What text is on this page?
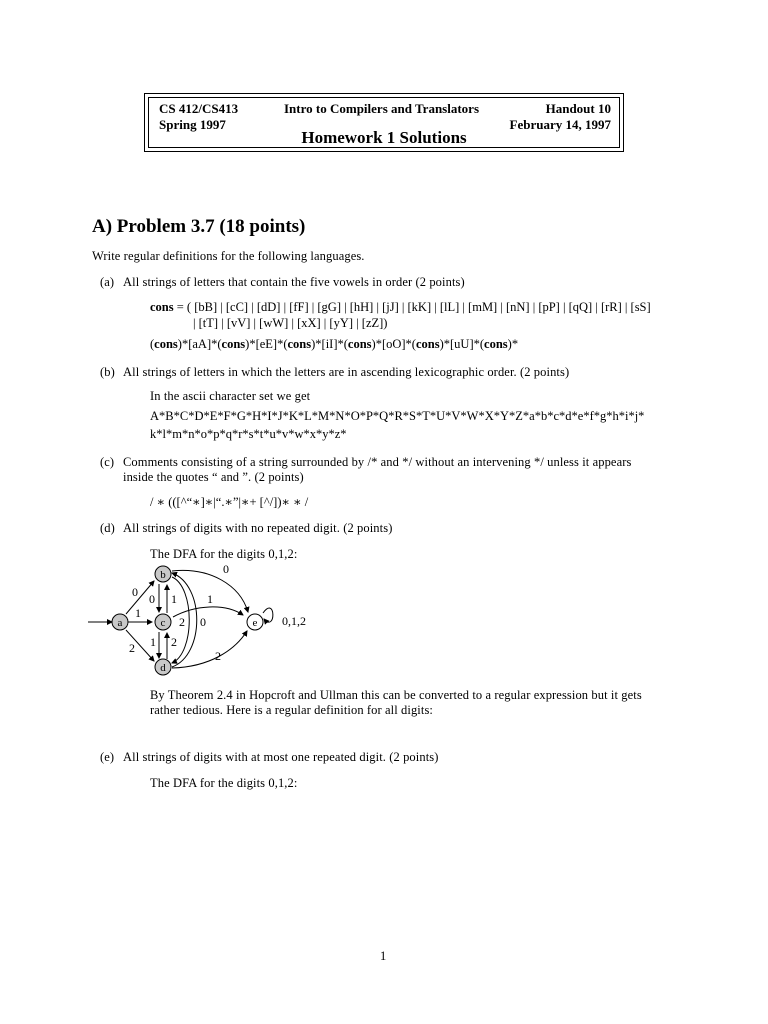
CS 412/CS413	Intro to Compilers and Translators	Handout 10
Spring 1997	February 14, 1997
Homework 1 Solutions
A) Problem 3.7 (18 points)
Write regular definitions for the following languages.
(a) All strings of letters that contain the five vowels in order (2 points)
cons = ( [bB] | [cC] | [dD] | [fF] | [gG] | [hH] | [jJ] | [kK] | [lL] | [mM] | [nN] | [pP] | [qQ] | [rR] | [sS]
| [tT] | [vV] | [wW] | [xX] | [yY] | [zZ])
(cons)*[aA]*(cons)*[eE]*(cons)*[iI]*(cons)*[oO]*(cons)*[uU]*(cons)*
(b) All strings of letters in which the letters are in ascending lexicographic order. (2 points)
In the ascii character set we get
A*B*C*D*E*F*G*H*I*J*K*L*M*N*O*P*Q*R*S*T*U*V*W*X*Y*Z*a*b*c*d*e*f*g*h*i*j*
k*l*m*n*o*p*q*r*s*t*u*v*w*x*y*z*
(c) Comments consisting of a string surrounded by /* and */ without an intervening */ unless it appears
inside the quotes “ and ”. (2 points)
/ ∗ (([^“∗]∗|“.∗”|∗+ [^/])∗ ∗ /
(d) All strings of digits with no repeated digit. (2 points)
The DFA for the digits 0,1,2:
a
b
c
d
e
0 0 1
1
2 0
1 2
2
0
2
0,1,2
1
By Theorem 2.4 in Hopcroft and Ullman this can be converted to a regular expression but it gets
rather tedious. Here is a regular definition for all digits:
(e) All strings of digits with at most one repeated digit. (2 points)
The DFA for the digits 0,1,2:
1
